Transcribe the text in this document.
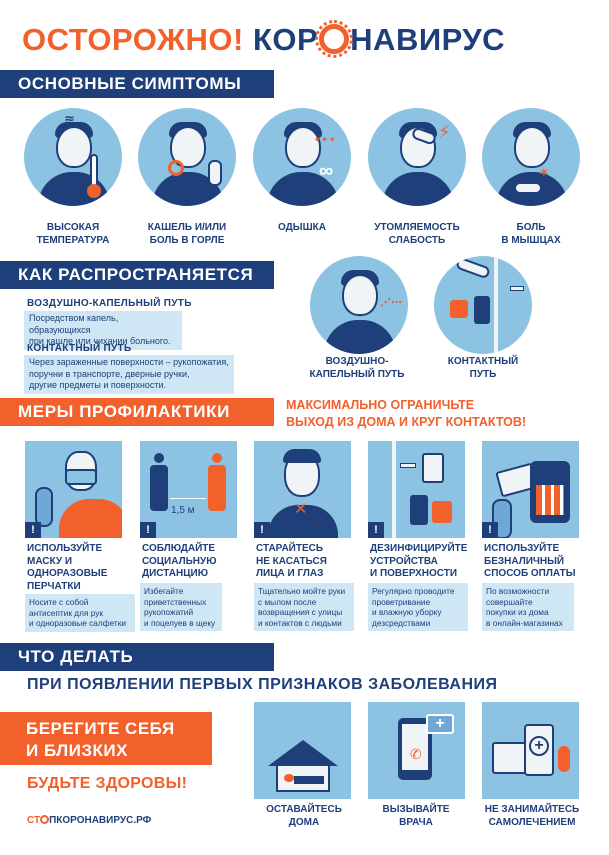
ОСТОРОЖНО! КОР НАВИРУС
ОСНОВНЫЕ СИМПТОМЫ
≋
ВЫСОКАЯ
ТЕМПЕРАТУРА
КАШЕЛЬ И/ИЛИ
БОЛЬ В ГОРЛЕ
• • •
∞
ОДЫШКА
⚡
УТОМЛЯЕМОСТЬ
СЛАБОСТЬ
✶
БОЛЬ
В МЫШЦАХ
КАК РАСПРОСТРАНЯЕТСЯ
ВОЗДУШНО-КАПЕЛЬНЫЙ ПУТЬ
Посредством капель, образующихся
при кашле или чихании больного.
КОНТАКТНЫЙ ПУТЬ
Через зараженные поверхности – рукопожатия,
поручни в транспорте, дверные ручки,
другие предметы и поверхности.
⋰⋯
ВОЗДУШНО-
КАПЕЛЬНЫЙ ПУТЬ
КОНТАКТНЫЙ
ПУТЬ
МЕРЫ ПРОФИЛАКТИКИ	МАКСИМАЛЬНО ОГРАНИЧЬТЕ
ВЫХОД ИЗ ДОМА И КРУГ КОНТАКТОВ!
!
ИСПОЛЬЗУЙТЕ
МАСКУ И
ОДНОРАЗОВЫЕ
ПЕРЧАТКИ
Носите с собой
антисептик для рук
и одноразовые салфетки
1,5 м
!
СОБЛЮДАЙТЕ
СОЦИАЛЬНУЮ
ДИСТАНЦИЮ
Избегайте
приветственных
рукопожатий
и поцелуев в щеку
✕
!
СТАРАЙТЕСЬ
НЕ КАСАТЬСЯ
ЛИЦА И ГЛАЗ
Тщательно мойте руки
с мылом после
возвращения с улицы
и контактов с людьми
!
ДЕЗИНФИЦИРУЙТЕ
УСТРОЙСТВА
И ПОВЕРХНОСТИ
Регулярно проводите
проветривание
и влажную уборку
дезсредствами
!
ИСПОЛЬЗУЙТЕ
БЕЗНАЛИЧНЫЙ
СПОСОБ ОПЛАТЫ
По возможности
совершайте
покупки из дома
в онлайн-магазинах
ЧТО ДЕЛАТЬ
ПРИ ПОЯВЛЕНИИ ПЕРВЫХ ПРИЗНАКОВ ЗАБОЛЕВАНИЯ
БЕРЕГИТЕ СЕБЯ
И БЛИЗКИХ
БУДЬТЕ ЗДОРОВЫ!
СТ ПКОРОНАВИРУС.РФ
ОСТАВАЙТЕСЬ
ДОМА
✆
+
ВЫЗЫВАЙТЕ
ВРАЧА
+
НЕ ЗАНИМАЙТЕСЬ
САМОЛЕЧЕНИЕМ
